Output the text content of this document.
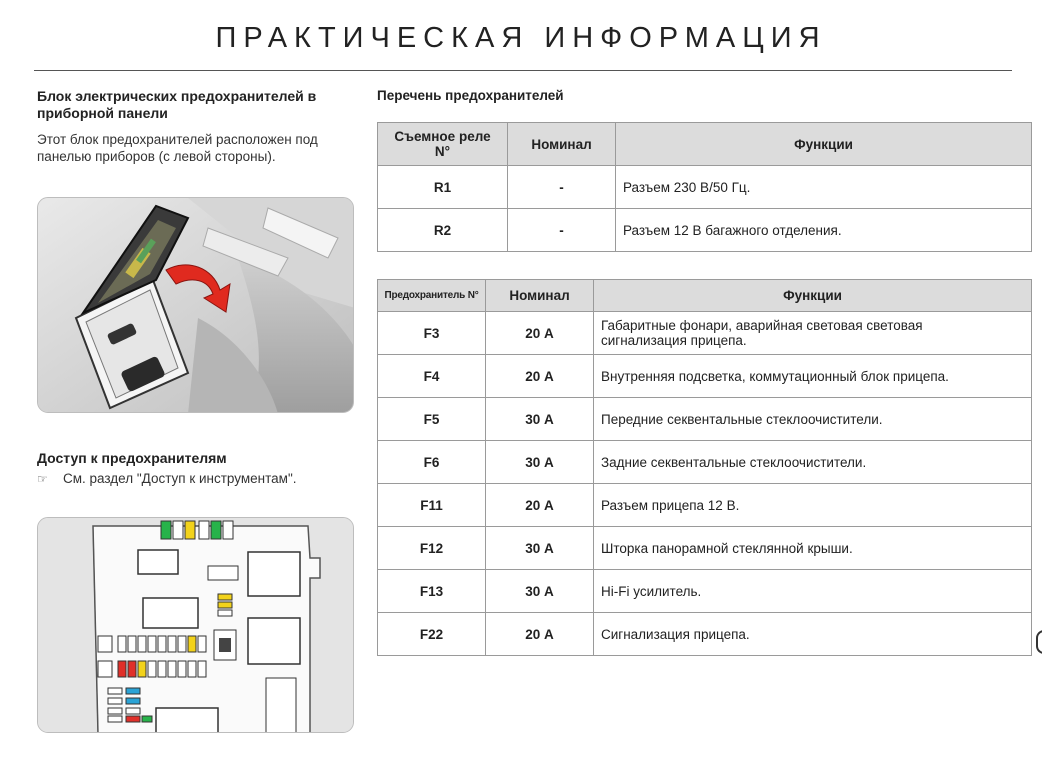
ПРАКТИЧЕСКАЯ ИНФОРМАЦИЯ
Блок электрических предохранителей в приборной панели
Этот блок предохранителей расположен под панелью приборов (с левой стороны).
Доступ к предохранителям
☞	См. раздел "Доступ к инструментам".
Перечень предохранителей
Съемное реле N°	Номинал	Функции
R1	-	Разъем 230 В/50 Гц.
R2	-	Разъем 12 В багажного отделения.
Предохранитель N°	Номинал	Функции
F3	20 А	Габаритные фонари, аварийная световая световая сигнализация прицепа.
F4	20 А	Внутренняя подсветка, коммутационный блок прицепа.
F5	30 А	Передние секвентальные стеклоочистители.
F6	30 А	Задние секвентальные стеклоочистители.
F11	20 А	Разъем прицепа 12 В.
F12	30 А	Шторка панорамной стеклянной крыши.
F13	30 А	Hi-Fi усилитель.
F22	20 А	Сигнализация прицепа.
